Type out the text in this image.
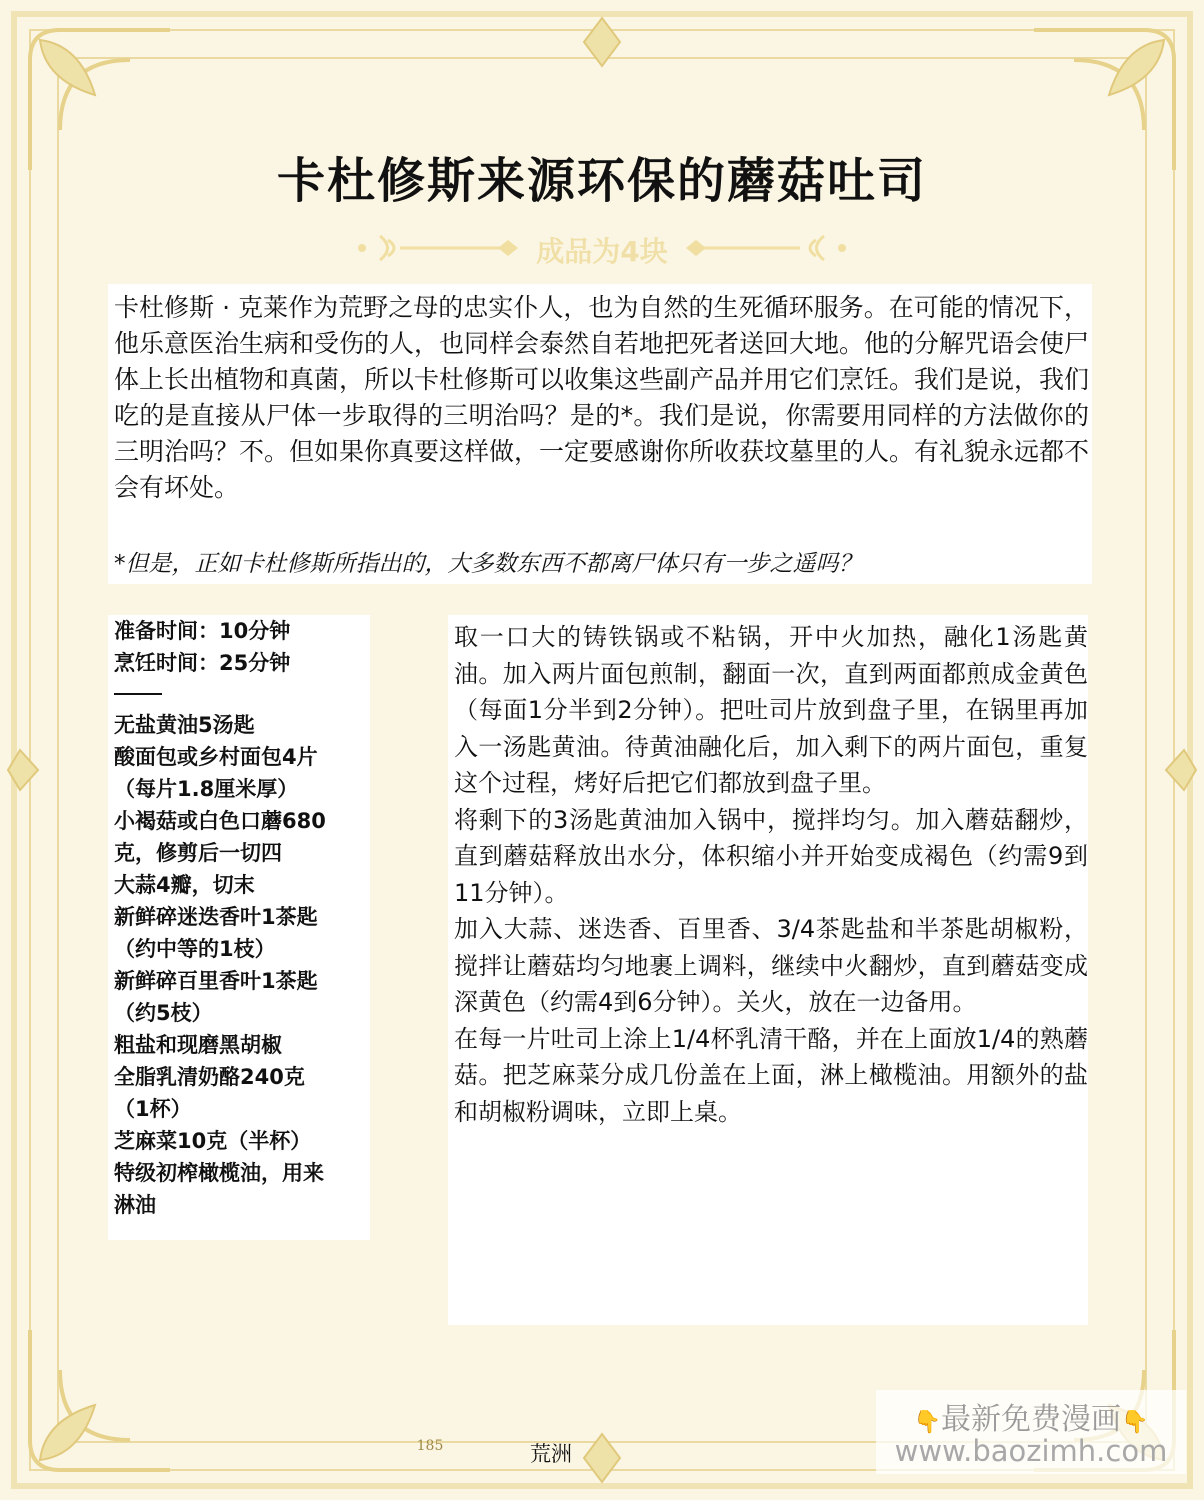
卡杜修斯来源环保的蘑菇吐司
成品为4块

卡杜修斯 · 克莱作为荒野之母的忠实仆人，也为自然的生死循环服务。在可能的情况下，他乐意医治生病和受伤的人，也同样会泰然自若地把死者送回大地。他的分解咒语会使尸体上长出植物和真菌，所以卡杜修斯可以收集这些副产品并用它们烹饪。我们是说，我们吃的是直接从尸体一步取得的三明治吗？是的*。我们是说，你需要用同样的方法做你的三明治吗？不。但如果你真要这样做，一定要感谢你所收获坟墓里的人。有礼貌永远都不会有坏处。

*但是，正如卡杜修斯所指出的，大多数东西不都离尸体只有一步之遥吗？

准备时间：10分钟
烹饪时间：25分钟
无盐黄油5汤匙
酸面包或乡村面包4片
（每片1.8厘米厚）
小褐菇或白色口蘑680
克，修剪后一切四
大蒜4瓣，切末
新鲜碎迷迭香叶1茶匙
（约中等的1枝）
新鲜碎百里香叶1茶匙
（约5枝）
粗盐和现磨黑胡椒
全脂乳清奶酪240克
（1杯）
芝麻菜10克（半杯）
特级初榨橄榄油，用来
淋油

取一口大的铸铁锅或不粘锅，开中火加热，融化1汤匙黄油。加入两片面包煎制，翻面一次，直到两面都煎成金黄色（每面1分半到2分钟）。把吐司片放到盘子里，在锅里再加入一汤匙黄油。待黄油融化后，加入剩下的两片面包，重复这个过程，烤好后把它们都放到盘子里。

将剩下的3汤匙黄油加入锅中，搅拌均匀。加入蘑菇翻炒，直到蘑菇释放出水分，体积缩小并开始变成褐色（约需9到11分钟）。

加入大蒜、迷迭香、百里香、3/4茶匙盐和半茶匙胡椒粉，搅拌让蘑菇均匀地裹上调料，继续中火翻炒，直到蘑菇变成深黄色（约需4到6分钟）。关火，放在一边备用。

在每一片吐司上涂上1/4杯乳清干酪，并在上面放1/4的熟蘑菇。把芝麻菜分成几份盖在上面，淋上橄榄油。用额外的盐和胡椒粉调味，立即上桌。

185	荒洲
👇最新免费漫画👇
www.baozimh.com
